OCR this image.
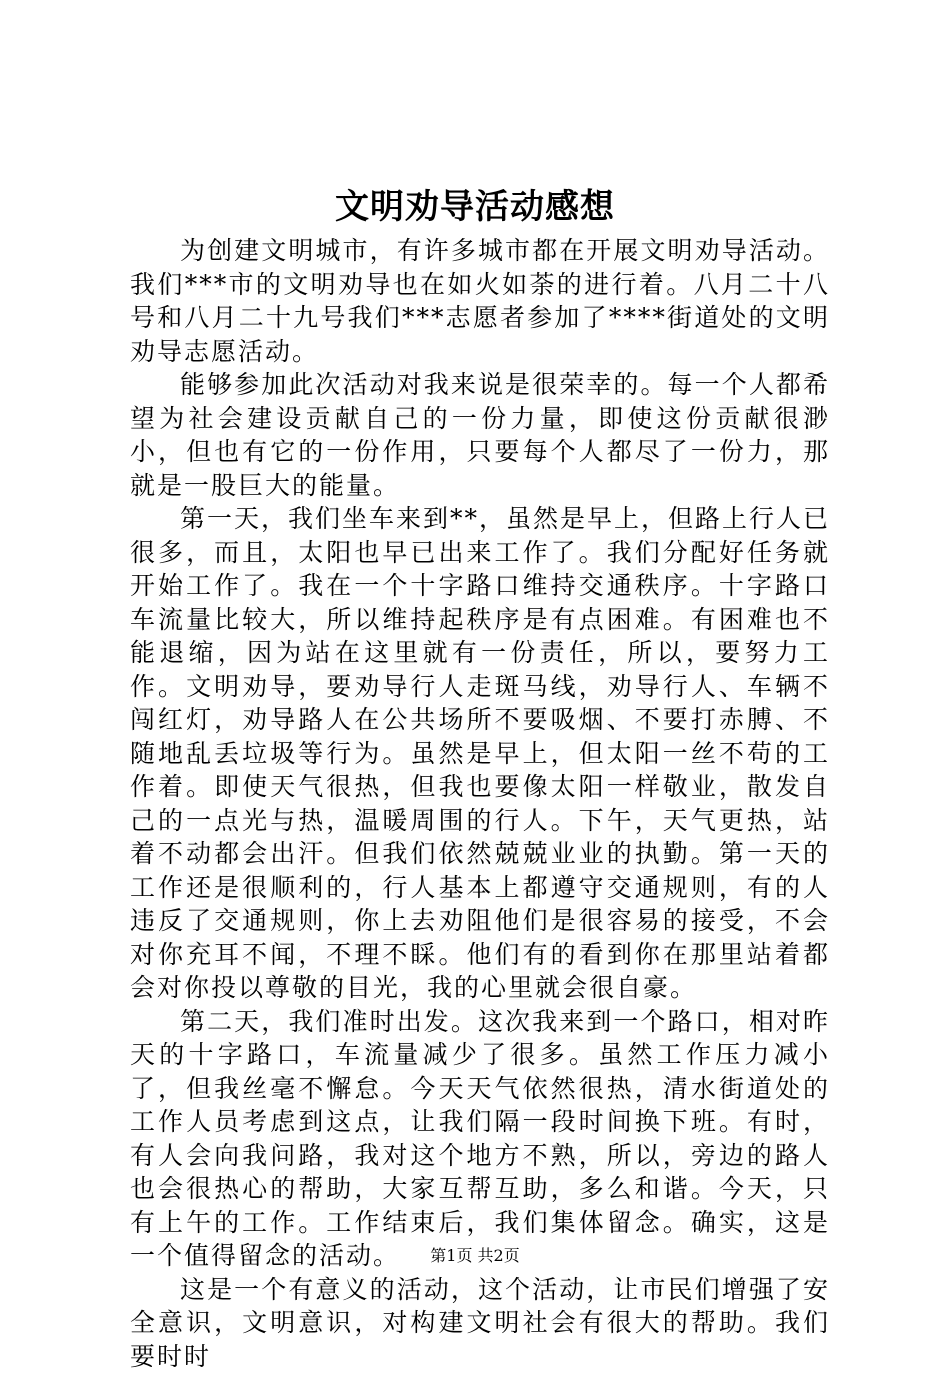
文明劝导活动感想

为创建文明城市，有许多城市都在开展文明劝导活动。我们***市的文明劝导也在如火如荼的进行着。八月二十八号和八月二十九号我们***志愿者参加了****街道处的文明劝导志愿活动。

能够参加此次活动对我来说是很荣幸的。每一个人都希望为社会建设贡献自己的一份力量，即使这份贡献很渺小，但也有它的一份作用，只要每个人都尽了一份力，那就是一股巨大的能量。

第一天，我们坐车来到**，虽然是早上，但路上行人已很多，而且，太阳也早已出来工作了。我们分配好任务就开始工作了。我在一个十字路口维持交通秩序。十字路口车流量比较大，所以维持起秩序是有点困难。有困难也不能退缩，因为站在这里就有一份责任，所以，要努力工作。文明劝导，要劝导行人走斑马线，劝导行人、车辆不闯红灯，劝导路人在公共场所不要吸烟、不要打赤膊、不随地乱丢垃圾等行为。虽然是早上，但太阳一丝不苟的工作着。即使天气很热，但我也要像太阳一样敬业，散发自己的一点光与热，温暖周围的行人。下午，天气更热，站着不动都会出汗。但我们依然兢兢业业的执勤。第一天的工作还是很顺利的，行人基本上都遵守交通规则，有的人违反了交通规则，你上去劝阻他们是很容易的接受，不会对你充耳不闻，不理不睬。他们有的看到你在那里站着都会对你投以尊敬的目光，我的心里就会很自豪。

第二天，我们准时出发。这次我来到一个路口，相对昨天的十字路口，车流量减少了很多。虽然工作压力减小了，但我丝毫不懈怠。今天天气依然很热，清水街道处的工作人员考虑到这点，让我们隔一段时间换下班。有时，有人会向我问路，我对这个地方不熟，所以，旁边的路人也会很热心的帮助，大家互帮互助，多么和谐。今天，只有上午的工作。工作结束后，我们集体留念。确实，这是一个值得留念的活动。

这是一个有意义的活动，这个活动，让市民们增强了安全意识，文明意识，对构建文明社会有很大的帮助。我们要时时

第1页 共2页
